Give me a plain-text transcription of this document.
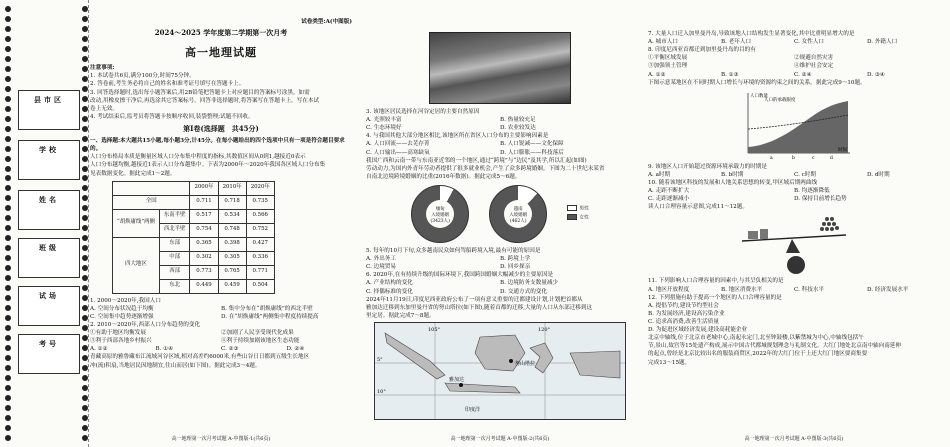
县市区
学校
姓名
班级
试场
考号

试卷类型:A(中图版)

2024～2025 学年度第二学期第一次月考

高一地理试题

注意事项:

1. 本试卷共6页,满分100分,时间75分钟。

2. 答卷前,考生务必将自己的姓名和准考证号填写在答题卡上。

3. 回答选择题时,选出每小题答案后,用2B铅笔把答题卡上对应题目的答案标号涂黑。如需

改动,用橡皮擦干净后,再选涂其它答案标号。回答非选择题时,将答案写在答题卡上。写在本试

卷上无效。

4. 考试结束后,监考员将答题卡按顺序收回,装袋整理;试题不回收。

第Ⅰ卷(选择题　共45分)

一、选择题:本大题共15小题,每小题3分,计45分。在每小题给出的四个选项中只有一项是符合题目要求的。

人口分布格局本质是衡量区域人口分布集中程度的指标,其数值区间从0到1,越接近0表示

人口分布越均衡,越接近1表示人口分布越集中。下表为2000年～2020年我国各区域人口分布集

见表数据变化。据此完成1～2题。

		2000年	2010年	2020年
全国		0.711	0.718	0.735
“胡焕庸线”两侧	东南半壁	0.517	0.534	0.566
	西北半壁	0.754	0.748	0.752
四大地区	东部	0.365	0.398	0.427
	中部	0.302	0.305	0.336
	西部	0.773	0.765	0.771
	东北	0.449	0.459	0.504

1. 2000～2020年,我国人口

A. 空间分布状况趋于均衡	B. 集中分布在“胡焕庸线”的西北半壁
C. 空间集中趋势逐渐增强	D. 在“胡焕庸线”两侧集中程度持续提高

2. 2010～2020年,西部人口分布趋势的变化

①有助于地区均衡发展	②加剧了人民享受现代化成果
③利于西部各地乡村振兴	④利于持续加剧该地区生态功能
A. ①②	B. ①④	C. ②③	D. ②④

青藏高原的雅鲁藏布江流域河谷区域,相对高差约6000米,有些山谷日日都到五级生长地区

冲(流)积扇,当地居民因地制宜,往山而居(如下图)。据此完成3～4题。

高一地理第一次月考试题 A-中图版-1(共6页)

3. 该地区居民选择在河谷定居的主要自然原因

A. 光照较丰富	B. 热量较充足
C. 生态环境好	D. 农业较发达

4. 与我国其他大部分地区相比,该地区所在省区人口分布的主要影响因素是

A. 人口回流——去芜存菁	B. 人口锐减——文化保障
C. 人口输出——高寒缺氧	D. 人口膨胀——科技落后

我国广西和云南一带与东南亚近邻的一个地区,通过“跨境”与“边民”及其学,所以汇起(如图)

劳动动力,为国内外青年劳动者提供了很多就业机会,产生了众多跨境婚姻。下图为二十世纪末某省

自南北边境跨境婚姻的比重(2016年数据)。据此完成5～6题。

缅甸
入境婚姻
(3423人)
越南
入境婚姻
(462人)
男性
女性

5. 每年的10月下旬,众多越南民众如何驾船跨境入境,最有可能的原因是

A. 外出务工	B. 跨境上学
C. 边境贸易	D. 回乡探亲

6. 2020年,在有持续升级的国际环境下,我国跨国婚姻大幅减少的主要原因是

A. 产业结构的变化	B. 边境防务支数量减少
C. 择偶标准的变化	D. 交通方式的变化

2024年11月19日,印度尼西亚政府公布了一项有意义重要的迁都建设计划,计划把首都从

雅加达迁移到东加里曼丹省的努山塔拉(如下图),随着首都的迁移,大量的人口从东部迁移到这

里定居。据此完成7～8题。

105°	120°
努山塔拉
雅加达
5°
10°
印度洋
高一地理第一次月考试题 A-中图版-2(共6页)

7. 大量人口迁入加里曼丹岛,导致该地人口结构发生显著变化,其中比重明显增大的是

A. 城市人口	B. 老年人口	C. 女性人口	D. 外籍人口

8. 印度尼西亚首都迁到加里曼丹岛的目的有

①平衡区域发展	②规避自然灾害
③加强领土管理	④维护社会安定
A. ①②	B. ①③	C. ②④	D. ③④

下图示意某地区在不同时期人口增长与环境的资源约束之间的关系。据此完成9～10题。

人口的承载限度
人口数量
a	b	c	d
时间

9. 该地区人口开始超过资源环境承载力的时期是

A. a时期	B. b时期	C. c时期	D. d时期

10. 随着该地区科技的发展和人地关系思想的转变,甲区域后期两曲线

A. 走距不断扩大	B. 均逐渐降低
C. 走距逐渐减小	D. 保持目前增长趋势

读人口合理容量示意图,完成11～12题。

11. 下列影响人口合理容量的因素中,与其呈负相关的是

A. 地区开放程度	B. 地区消费水平	C. 科技水平	D. 经济发展水平

12. 下列措施有助于提高一个地区的人口合理容量的是

A. 提倡节约,建设节约型社会

B. 为发展经济,建设高污染企业

C. 追求高消费,改善生活质量

D. 为促进区域经济发展,建设高耗能企业

北京中轴线,位于北京市老城中心,南起永定门,北至钟鼓楼,以紫禁城为中心,中轴线包括午

节,景山,故宫等15处遗产构成,展示中国古代都城规划理念与礼制文化。大红门地处北京南中轴向南延伸

的起点,曾经是北京比较出名的服装商贸区,2022年的大红门位于上还大红门地区要商集要

完成13～15题。

高一地理第一次月考试题 A-中图版-3(共6页)
